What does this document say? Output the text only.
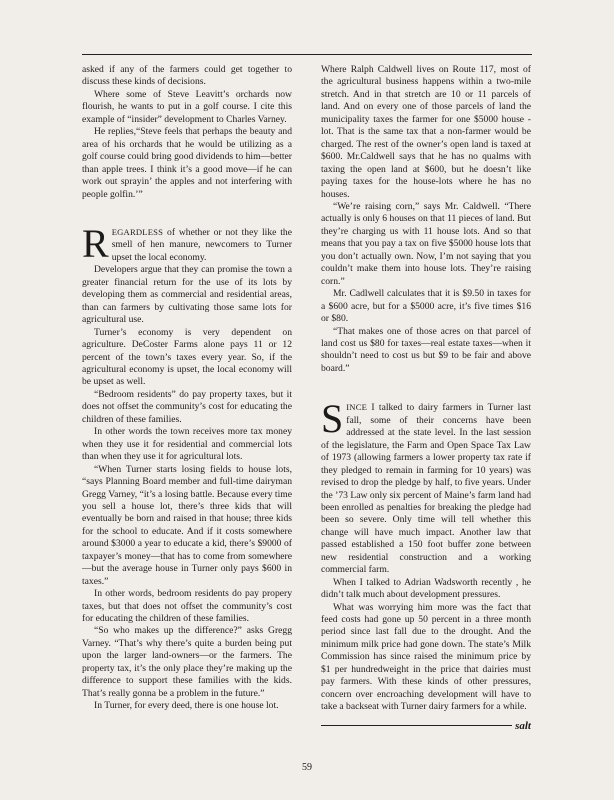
asked if any of the farmers could get together to discuss these kinds of decisions.

Where some of Steve Leavitt’s orchards now flourish, he wants to put in a golf course. I cite this example of “insider” development to Charles Varney.

He replies,“Steve feels that perhaps the beauty and area of his orchards that he would be utilizing as a golf course could bring good dividends to him—better than apple trees. I think it’s a good move—if he can work out sprayin’ the apples and not interfering with people golfin.’”

REGARDLESS of whether or not they like the smell of hen manure, newcomers to Turner upset the local economy.

Developers argue that they can promise the town a greater financial return for the use of its lots by developing them as commercial and residential areas, than can farmers by cultivating those same lots for agricultural use.

Turner’s economy is very dependent on agriculture. DeCoster Farms alone pays 11 or 12 percent of the town’s taxes every year. So, if the agricultural economy is upset, the local economy will be upset as well.

“Bedroom residents” do pay property taxes, but it does not offset the community’s cost for educating the children of these families.

In other words the town receives more tax money when they use it for residential and commercial lots than when they use it for agricultural lots.

“When Turner starts losing fields to house lots, “says Planning Board member and full-time dairyman Gregg Varney, “it’s a losing battle. Because every time you sell a house lot, there’s three kids that will eventually be born and raised in that house; three kids for the school to educate. And if it costs somewhere around $3000 a year to educate a kid, there’s $9000 of taxpayer’s money—that has to come from somewhere—but the average house in Turner only pays $600 in taxes.”

In other words, bedroom residents do pay propery taxes, but that does not offset the community’s cost for educating the children of these families.

“So who makes up the difference?” asks Gregg Varney. “That’s why there’s quite a burden being put upon the larger land-owners—or the farmers. The property tax, it’s the only place they’re making up the difference to support these families with the kids. That’s really gonna be a problem in the future.”

In Turner, for every deed, there is one house lot.

Where Ralph Caldwell lives on Route 117, most of the agricultural business happens within a two-mile stretch. And in that stretch are 10 or 11 parcels of land. And on every one of those parcels of land the municipality taxes the farmer for one $5000 house -lot. That is the same tax that a non-farmer would be charged. The rest of the owner’s open land is taxed at $600. Mr.Caldwell says that he has no qualms with taxing the open land at $600, but he doesn’t like paying taxes for the house-lots where he has no houses.

“We’re raising corn,” says Mr. Caldwell. “There actually is only 6 houses on that 11 pieces of land. But they’re charging us with 11 house lots. And so that means that you pay a tax on five $5000 house lots that you don’t actually own. Now, I’m not saying that you couldn’t make them into house lots. They’re raising corn.”

Mr. Cadlwell calculates that it is $9.50 in taxes for a $600 acre, but for a $5000 acre, it’s five times $16 or $80.

“That makes one of those acres on that parcel of land cost us $80 for taxes—real estate taxes—when it shouldn’t need to cost us but $9 to be fair and above board.”

SINCE I talked to dairy farmers in Turner last fall, some of their concerns have been addressed at the state level. In the last session of the legislature, the Farm and Open Space Tax Law of 1973 (allowing farmers a lower property tax rate if they pledged to remain in farming for 10 years) was revised to drop the pledge by half, to five years. Under the ’73 Law only six percent of Maine’s farm land had been enrolled as penalties for breaking the pledge had been so severe. Only time will tell whether this change will have much impact. Another law that passed established a 150 foot buffer zone between new residential construction and a working commercial farm.

When I talked to Adrian Wadsworth recently , he didn’t talk much about development pressures.

What was worrying him more was the fact that feed costs had gone up 50 percent in a three month period since last fall due to the drought. And the minimum milk price had gone down. The state’s Milk Commission has since raised the minimum price by $1 per hundredweight in the price that dairies must pay farmers. With these kinds of other pressures, concern over encroaching development will have to take a backseat with Turner dairy farmers for a while.

salt
59
